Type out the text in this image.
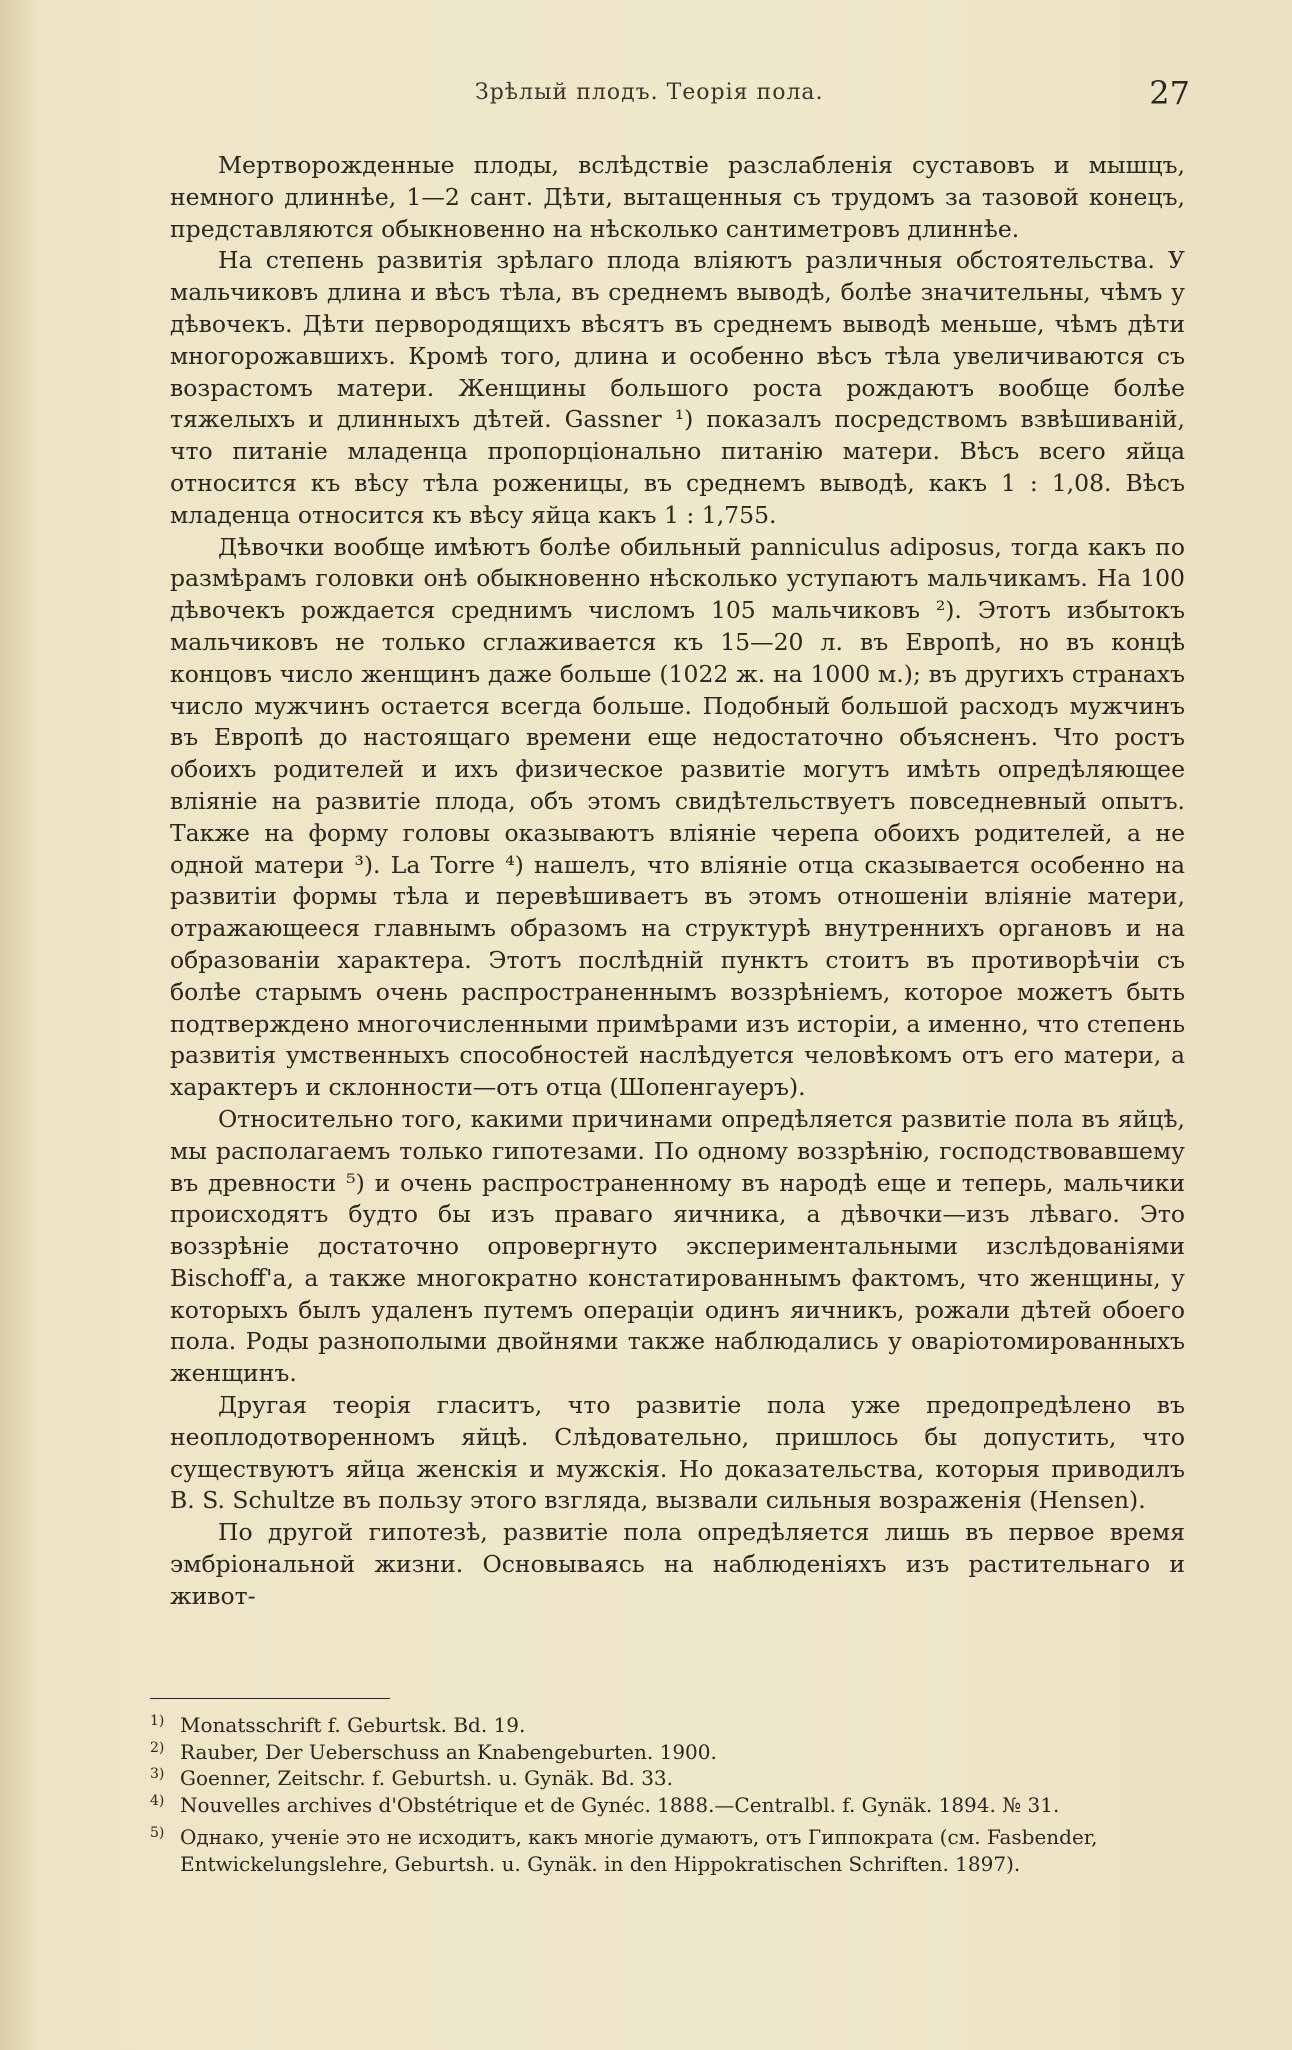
Зрѣлый плодъ. Теорія пола.	27

Мертворожденные плоды, вслѣдствіе разслабленія суставовъ и мышцъ, немного длиннѣе, 1—2 сант. Дѣти, вытащенныя съ трудомъ за тазовой конецъ, представляются обыкновенно на нѣсколько сантиметровъ длиннѣе.

На степень развитія зрѣлаго плода вліяютъ различныя обстоятельства. У мальчиковъ длина и вѣсъ тѣла, въ среднемъ выводѣ, болѣе значительны, чѣмъ у дѣвочекъ. Дѣти первородящихъ вѣсятъ въ среднемъ выводѣ меньше, чѣмъ дѣти многорожавшихъ. Кромѣ того, длина и особенно вѣсъ тѣла увеличиваются съ возрастомъ матери. Женщины большого роста рождаютъ вообще болѣе тяжелыхъ и длинныхъ дѣтей. Gassner ¹) показалъ посредствомъ взвѣшиваній, что питаніе младенца пропорціонально питанію матери. Вѣсъ всего яйца относится къ вѣсу тѣла роженицы, въ среднемъ выводѣ, какъ 1 : 1,08. Вѣсъ младенца относится къ вѣсу яйца какъ 1 : 1,755.

Дѣвочки вообще имѣютъ болѣе обильный panniculus adiposus, тогда какъ по размѣрамъ головки онѣ обыкновенно нѣсколько уступаютъ мальчикамъ. На 100 дѣвочекъ рождается среднимъ числомъ 105 мальчиковъ ²). Этотъ избытокъ мальчиковъ не только сглаживается къ 15—20 л. въ Европѣ, но въ концѣ концовъ число женщинъ даже больше (1022 ж. на 1000 м.); въ другихъ странахъ число мужчинъ остается всегда больше. Подобный большой расходъ мужчинъ въ Европѣ до настоящаго времени еще недостаточно объясненъ. Что ростъ обоихъ родителей и ихъ физическое развитіе могутъ имѣть опредѣляющее вліяніе на развитіе плода, объ этомъ свидѣтельствуетъ повседневный опытъ. Также на форму головы оказываютъ вліяніе черепа обоихъ родителей, а не одной матери ³). La Torre ⁴) нашелъ, что вліяніе отца сказывается особенно на развитіи формы тѣла и перевѣшиваетъ въ этомъ отношеніи вліяніе матери, отражающееся главнымъ образомъ на структурѣ внутреннихъ органовъ и на образованіи характера. Этотъ послѣдній пунктъ стоитъ въ противорѣчіи съ болѣе старымъ очень распространеннымъ воззрѣніемъ, которое можетъ быть подтверждено многочисленными примѣрами изъ исторіи, а именно, что степень развитія умственныхъ способностей наслѣдуется человѣкомъ отъ его матери, а характеръ и склонности—отъ отца (Шопенгауеръ).

Относительно того, какими причинами опредѣляется развитіе пола въ яйцѣ, мы располагаемъ только гипотезами. По одному воззрѣнію, господствовавшему въ древности ⁵) и очень распространенному въ народѣ еще и теперь, мальчики происходятъ будто бы изъ праваго яичника, а дѣвочки—изъ лѣваго. Это воззрѣніе достаточно опровергнуто экспериментальными изслѣдованіями Bischoff'a, а также многократно констатированнымъ фактомъ, что женщины, у которыхъ былъ удаленъ путемъ операціи одинъ яичникъ, рожали дѣтей обоего пола. Роды разнополыми двойнями также наблюдались у оваріотомированныхъ женщинъ.

Другая теорія гласитъ, что развитіе пола уже предопредѣлено въ неоплодотворенномъ яйцѣ. Слѣдовательно, пришлось бы допустить, что существуютъ яйца женскія и мужскія. Но доказательства, которыя приводилъ B. S. Schultze въ пользу этого взгляда, вызвали сильныя возраженія (Hensen).

По другой гипотезѣ, развитіе пола опредѣляется лишь въ первое время эмбріональной жизни. Основываясь на наблюденіяхъ изъ растительнаго и живот-

1) Monatsschrift f. Geburtsk. Bd. 19.

2) Rauber, Der Ueberschuss an Knabengeburten. 1900.

3) Goenner, Zeitschr. f. Geburtsh. u. Gynäk. Bd. 33.

4) Nouvelles archives d'Obstétrique et de Gynéc. 1888.—Centralbl. f. Gynäk. 1894. № 31.

5) Однако, ученіе это не исходитъ, какъ многіе думаютъ, отъ Гиппократа (см. Fasbender, Entwickelungslehre, Geburtsh. u. Gynäk. in den Hippokratischen Schriften. 1897).
